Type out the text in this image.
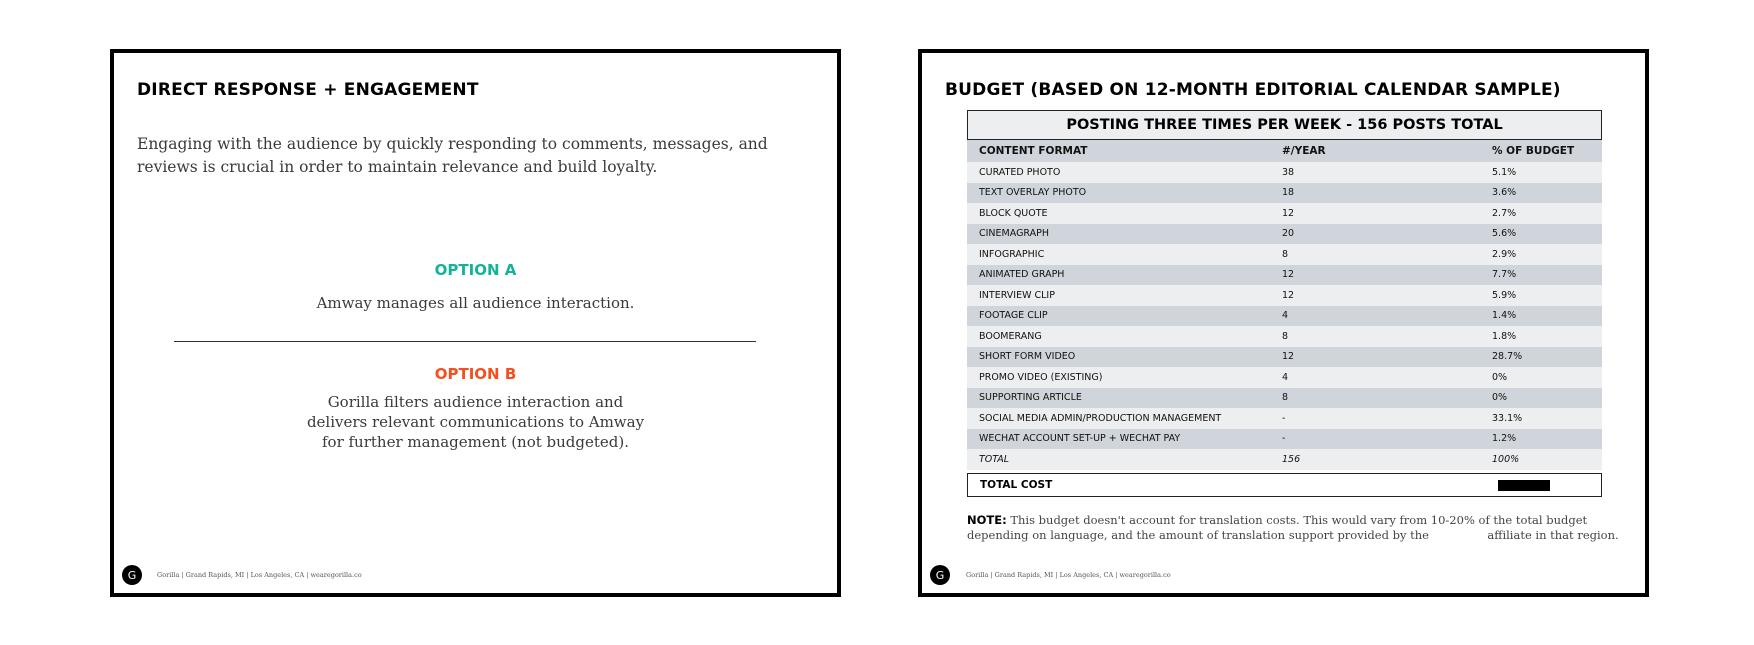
DIRECT RESPONSE + ENGAGEMENT
Engaging with the audience by quickly responding to comments, messages, and reviews is crucial in order to maintain relevance and build loyalty.
OPTION A
Amway manages all audience interaction.
OPTION B
Gorilla filters audience interaction and
delivers relevant communications to Amway
for further management (not budgeted).
G	Gorilla | Grand Rapids, MI | Los Angeles, CA | wearegorilla.co
BUDGET (BASED ON 12-MONTH EDITORIAL CALENDAR SAMPLE)
POSTING THREE TIMES PER WEEK - 156 POSTS TOTAL
CONTENT FORMAT	#/YEAR	% OF BUDGET
CURATED PHOTO	38	5.1%
TEXT OVERLAY PHOTO	18	3.6%
BLOCK QUOTE	12	2.7%
CINEMAGRAPH	20	5.6%
INFOGRAPHIC	8	2.9%
ANIMATED GRAPH	12	7.7%
INTERVIEW CLIP	12	5.9%
FOOTAGE CLIP	4	1.4%
BOOMERANG	8	1.8%
SHORT FORM VIDEO	12	28.7%
PROMO VIDEO (EXISTING)	4	0%
SUPPORTING ARTICLE	8	0%
SOCIAL MEDIA ADMIN/PRODUCTION MANAGEMENT	-	33.1%
WECHAT ACCOUNT SET-UP + WECHAT PAY	-	1.2%
TOTAL	156	100%
TOTAL COST
NOTE: This budget doesn't account for translation costs. This would vary from 10-20% of the total budget
depending on language, and the amount of translation support provided by the                affiliate in that region.
G	Gorilla | Grand Rapids, MI | Los Angeles, CA | wearegorilla.co
